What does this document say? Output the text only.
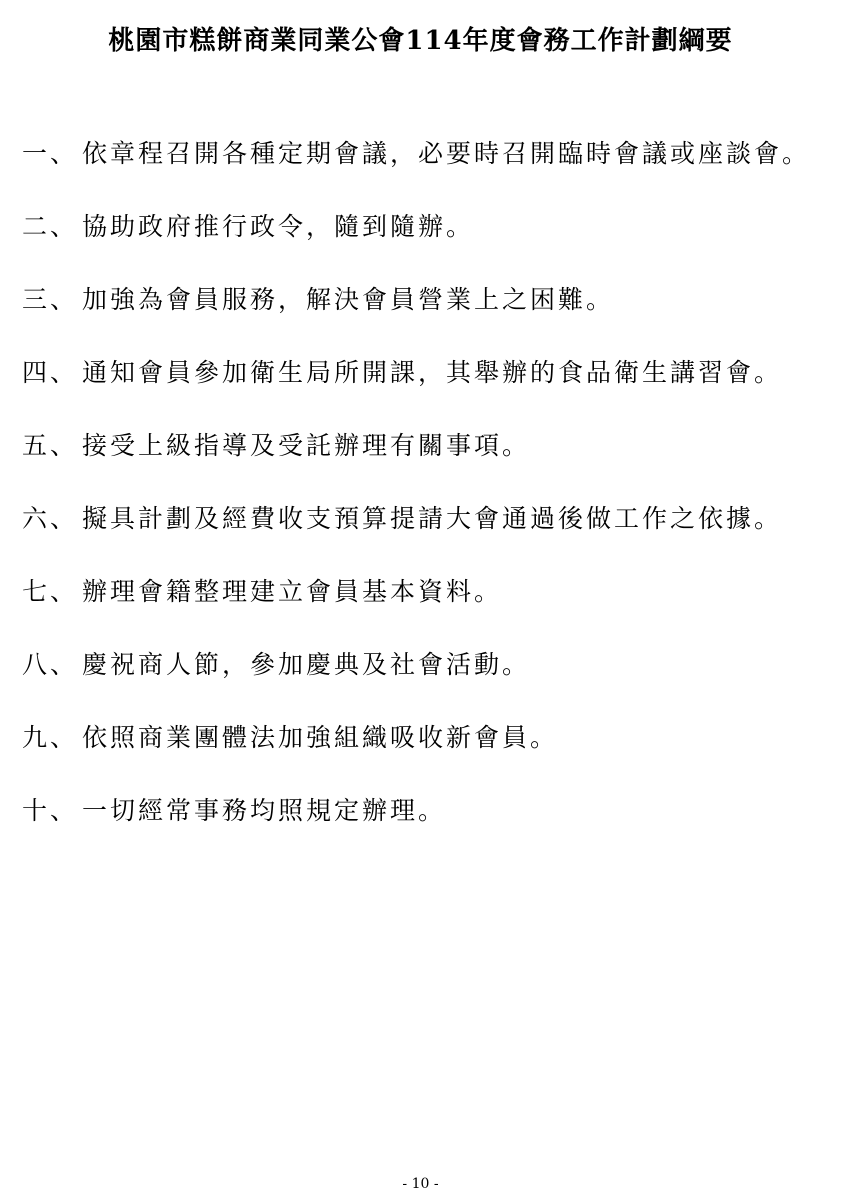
桃園市糕餅商業同業公會114年度會務工作計劃綱要
一、 依章程召開各種定期會議，必要時召開臨時會議或座談會。
二、 協助政府推行政令，隨到隨辦。
三、 加強為會員服務，解決會員營業上之困難。
四、 通知會員參加衛生局所開課，其舉辦的食品衛生講習會。
五、 接受上級指導及受託辦理有關事項。
六、 擬具計劃及經費收支預算提請大會通過後做工作之依據。
七、 辦理會籍整理建立會員基本資料。
八、 慶祝商人節，參加慶典及社會活動。
九、 依照商業團體法加強組織吸收新會員。
十、 一切經常事務均照規定辦理。
- 10 -
